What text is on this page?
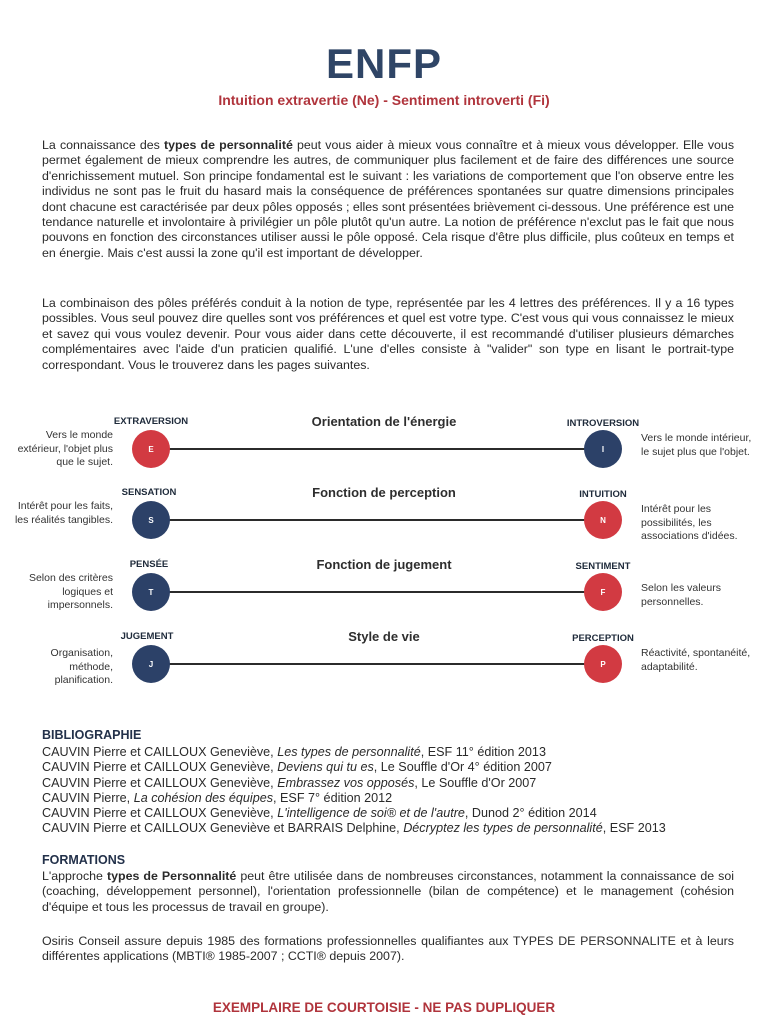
ENFP
Intuition extravertie (Ne) - Sentiment introverti (Fi)

La connaissance des types de personnalité peut vous aider à mieux vous connaître et à mieux vous développer. Elle vous permet également de mieux comprendre les autres, de communiquer plus facilement et de faire des différences une source d'enrichissement mutuel. Son principe fondamental est le suivant : les variations de comportement que l'on observe entre les individus ne sont pas le fruit du hasard mais la conséquence de préférences spontanées sur quatre dimensions principales dont chacune est caractérisée par deux pôles opposés ; elles sont présentées brièvement ci-dessous. Une préférence est une tendance naturelle et involontaire à privilégier un pôle plutôt qu'un autre. La notion de préférence n'exclut pas le fait que nous pouvons en fonction des circonstances utiliser aussi le pôle opposé. Cela risque d'être plus difficile, plus coûteux en temps et en énergie. Mais c'est aussi la zone qu'il est important de développer.

La combinaison des pôles préférés conduit à la notion de type, représentée par les 4 lettres des préférences. Il y a 16 types possibles. Vous seul pouvez dire quelles sont vos préférences et quel est votre type. C'est vous qui vous connaissez le mieux et savez qui vous voulez devenir. Pour vous aider dans cette découverte, il est recommandé d'utiliser plusieurs démarches complémentaires avec l'aide d'un praticien qualifié. L'une d'elles consiste à "valider" son type en lisant le portrait-type correspondant. Vous le trouverez dans les pages suivantes.

Orientation de l'énergie
EXTRAVERSION
E
Vers le monde extérieur, l'objet plus que le sujet.
INTROVERSION
I
Vers le monde intérieur, le sujet plus que l'objet.
Fonction de perception
SENSATION
S
Intérêt pour les faits, les réalités tangibles.
INTUITION
N
Intérêt pour les possibilités, les associations d'idées.
Fonction de jugement
PENSÉE
T
Selon des critères logiques et impersonnels.
SENTIMENT
F	Selon les valeurs personnelles.
Style de vie
JUGEMENT
J
Organisation, méthode, planification.
PERCEPTION
P
Réactivité, spontanéité, adaptabilité.
BIBLIOGRAPHIE
CAUVIN Pierre et CAILLOUX Geneviève, Les types de personnalité, ESF 11° édition 2013
CAUVIN Pierre et CAILLOUX Geneviève, Deviens qui tu es, Le Souffle d'Or 4° édition 2007
CAUVIN Pierre et CAILLOUX Geneviève, Embrassez vos opposés, Le Souffle d'Or 2007
CAUVIN Pierre, La cohésion des équipes, ESF 7° édition 2012
CAUVIN Pierre et CAILLOUX Geneviève, L'intelligence de soi® et de l'autre, Dunod 2° édition 2014
CAUVIN Pierre et CAILLOUX Geneviève et BARRAIS Delphine, Décryptez les types de personnalité, ESF 2013
FORMATIONS

L'approche types de Personnalité peut être utilisée dans de nombreuses circonstances, notamment la connaissance de soi (coaching, développement personnel), l'orientation professionnelle (bilan de compétence) et le management (cohésion d'équipe et tous les processus de travail en groupe).

Osiris Conseil assure depuis 1985 des formations professionnelles qualifiantes aux TYPES DE PERSONNALITE et à leurs différentes applications (MBTI® 1985-2007 ; CCTI® depuis 2007).

EXEMPLAIRE DE COURTOISIE - NE PAS DUPLIQUER
